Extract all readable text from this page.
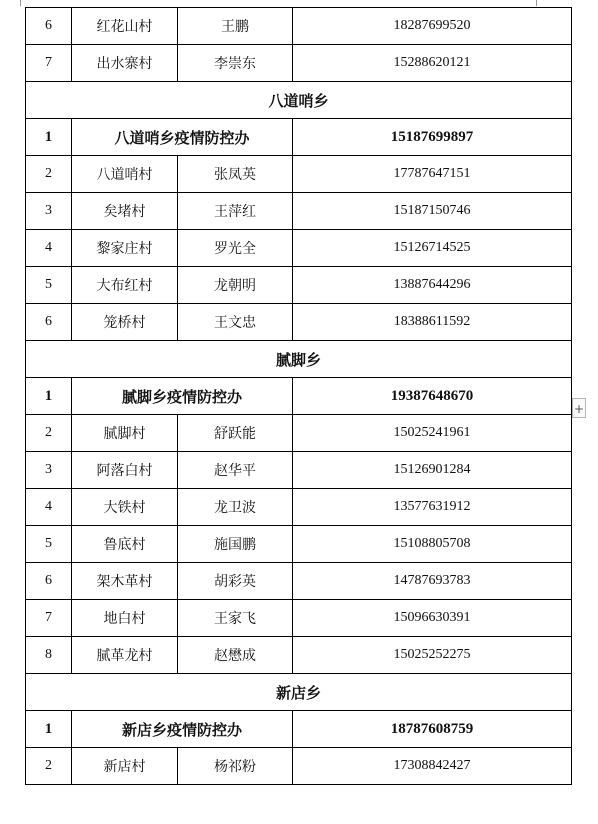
6	红花山村	王鹏	18287699520
7	出水寨村	李崇东	15288620121
八道哨乡			
1	八道哨乡疫情防控办		15187699897
2	八道哨村	张凤英	17787647151
3	矣堵村	王萍红	15187150746
4	黎家庄村	罗光全	15126714525
5	大布红村	龙朝明	13887644296
6	笼桥村	王文忠	18388611592
腻脚乡			
1	腻脚乡疫情防控办		19387648670
2	腻脚村	舒跃能	15025241961
3	阿落白村	赵华平	15126901284
4	大铁村	龙卫波	13577631912
5	鲁底村	施国鹏	15108805708
6	架木革村	胡彩英	14787693783
7	地白村	王家飞	15096630391
8	腻革龙村	赵懋成	15025252275
新店乡			
1	新店乡疫情防控办		18787608759
2	新店村	杨祁粉	17308842427
+
